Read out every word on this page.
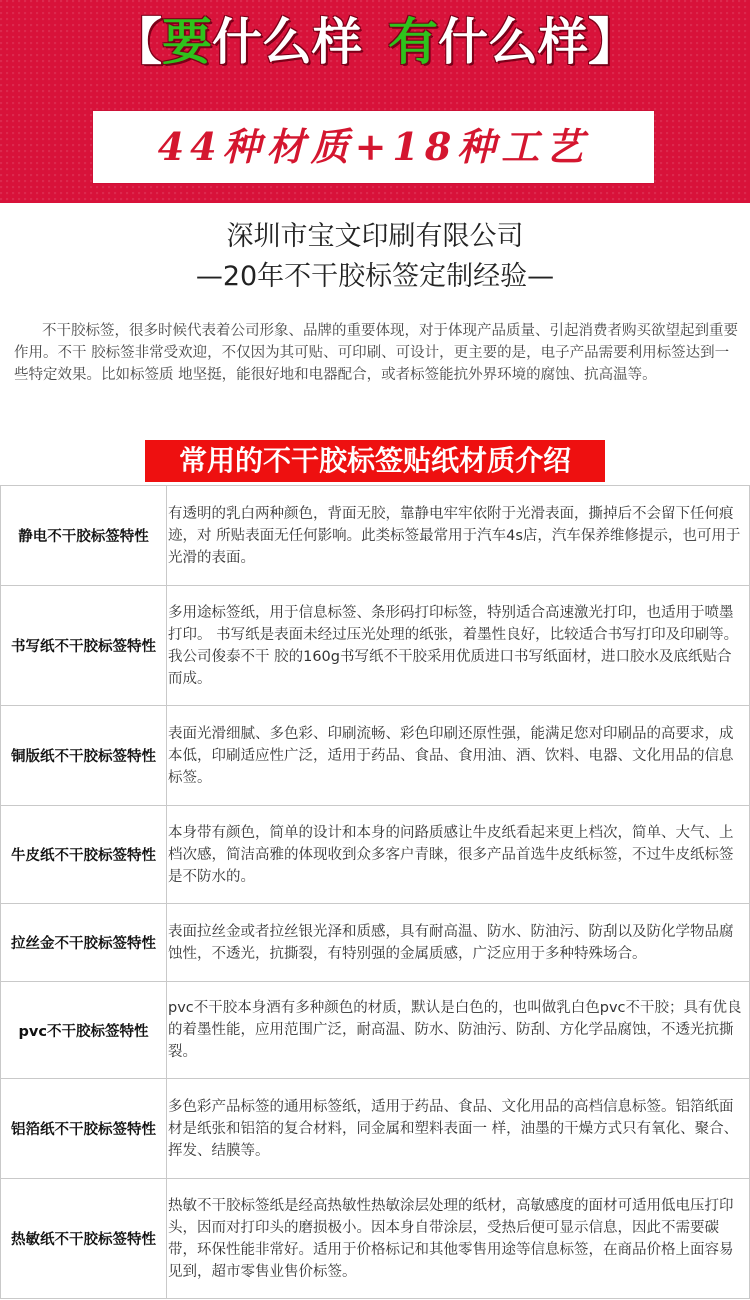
【要什么样 有什么样】
44种材质+18种工艺
深圳市宝文印刷有限公司
—20年不干胶标签定制经验—
不干胶标签，很多时候代表着公司形象、品牌的重要体现，对于体现产品质量、引起消费者购买欲望起到重要作用。不干 胶标签非常受欢迎，不仅因为其可贴、可印刷、可设计，更主要的是，电子产品需要利用标签达到一些特定效果。比如标签质 地坚挺，能很好地和电器配合，或者标签能抗外界环境的腐蚀、抗高温等。
常用的不干胶标签贴纸材质介绍
静电不干胶标签特性	有透明的乳白两种颜色，背面无胶，靠静电牢牢依附于光滑表面，撕掉后不会留下任何痕迹，对 所贴表面无任何影响。此类标签最常用于汽车4s店，汽车保养维修提示，也可用于光滑的表面。
书写纸不干胶标签特性	多用途标签纸，用于信息标签、条形码打印标签，特别适合高速激光打印，也适用于喷墨打印。 书写纸是表面未经过压光处理的纸张，着墨性良好，比较适合书写打印及印刷等。我公司俊泰不干 胶的160g书写纸不干胶采用优质进口书写纸面材，进口胶水及底纸贴合而成。
铜版纸不干胶标签特性	表面光滑细腻、多色彩、印刷流畅、彩色印刷还原性强，能满足您对印刷品的高要求，成本低，印刷适应性广泛，适用于药品、食品、食用油、酒、饮料、电器、文化用品的信息标签。
牛皮纸不干胶标签特性	本身带有颜色，简单的设计和本身的问路质感让牛皮纸看起来更上档次，简单、大气、上档次感，简洁高雅的体现收到众多客户青睐，很多产品首选牛皮纸标签，不过牛皮纸标签是不防水的。
拉丝金不干胶标签特性	表面拉丝金或者拉丝银光泽和质感，具有耐高温、防水、防油污、防刮以及防化学物品腐蚀性，不透光，抗撕裂，有特别强的金属质感，广泛应用于多种特殊场合。
pvc不干胶标签特性	pvc不干胶本身酒有多种颜色的材质，默认是白色的，也叫做乳白色pvc不干胶；具有优良的着墨性能，应用范围广泛，耐高温、防水、防油污、防刮、方化学品腐蚀，不透光抗撕裂。
铝箔纸不干胶标签特性	多色彩产品标签的通用标签纸，适用于药品、食品、文化用品的高档信息标签。铝箔纸面材是纸张和铝箔的复合材料，同金属和塑料表面一 样，油墨的干燥方式只有氧化、聚合、挥发、结膜等。
热敏纸不干胶标签特性	热敏不干胶标签纸是经高热敏性热敏涂层处理的纸材，高敏感度的面材可适用低电压打印头，因而对打印头的磨损极小。因本身自带涂层，受热后便可显示信息，因此不需要碳带，环保性能非常好。适用于价格标记和其他零售用途等信息标签，在商品价格上面容易见到，超市零售业售价标签。
